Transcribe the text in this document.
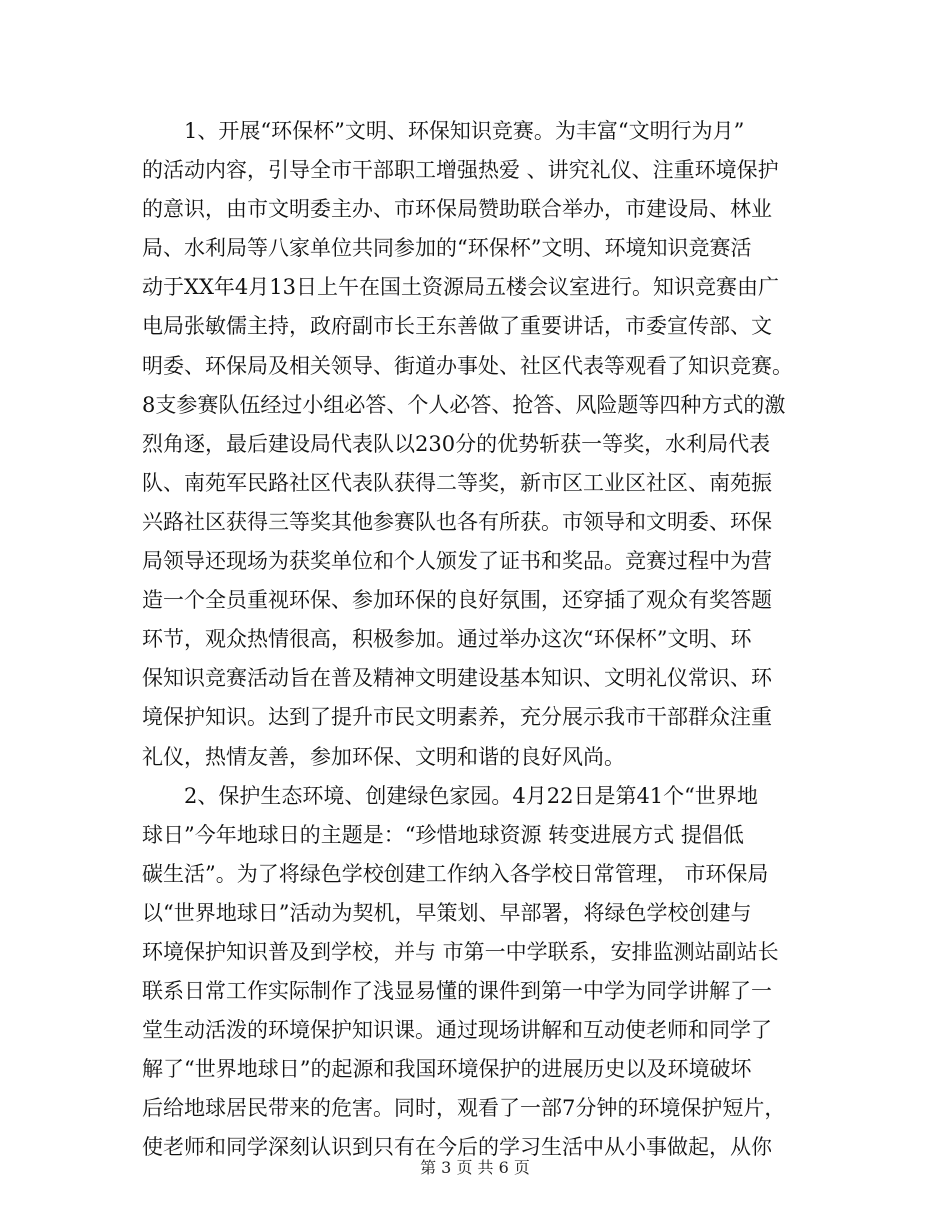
　　1、开展“环保杯”文明、环保知识竞赛。为丰富“文明行为月”
的活动内容，引导全市干部职工增强热爱 、讲究礼仪、注重环境保护
的意识，由市文明委主办、市环保局赞助联合举办，市建设局、林业
局、水利局等八家单位共同参加的“环保杯”文明、环境知识竞赛活
动于XX年4月13日上午在国土资源局五楼会议室进行。知识竞赛由广
电局张敏儒主持，政府副市长王东善做了重要讲话，市委宣传部、文
明委、环保局及相关领导、街道办事处、社区代表等观看了知识竞赛。
8支参赛队伍经过小组必答、个人必答、抢答、风险题等四种方式的激
烈角逐，最后建设局代表队以230分的优势斩获一等奖，水利局代表
队、南苑军民路社区代表队获得二等奖，新市区工业区社区、南苑振
兴路社区获得三等奖其他参赛队也各有所获。市领导和文明委、环保
局领导还现场为获奖单位和个人颁发了证书和奖品。竞赛过程中为营
造一个全员重视环保、参加环保的良好氛围，还穿插了观众有奖答题
环节，观众热情很高，积极参加。通过举办这次“环保杯”文明、环
保知识竞赛活动旨在普及精神文明建设基本知识、文明礼仪常识、环
境保护知识。达到了提升市民文明素养，充分展示我市干部群众注重
礼仪，热情友善，参加环保、文明和谐的良好风尚。
　　2、保护生态环境、创建绿色家园。4月22日是第41个“世界地
球日”今年地球日的主题是：“珍惜地球资源 转变进展方式 提倡低
碳生活”。为了将绿色学校创建工作纳入各学校日常管理， 市环保局
以“世界地球日”活动为契机，早策划、早部署，将绿色学校创建与
环境保护知识普及到学校，并与 市第一中学联系，安排监测站副站长
联系日常工作实际制作了浅显易懂的课件到第一中学为同学讲解了一
堂生动活泼的环境保护知识课。通过现场讲解和互动使老师和同学了
解了“世界地球日”的起源和我国环境保护的进展历史以及环境破坏
后给地球居民带来的危害。同时，观看了一部7分钟的环境保护短片，
使老师和同学深刻认识到只有在今后的学习生活中从小事做起，从你
第 3 页 共 6 页
